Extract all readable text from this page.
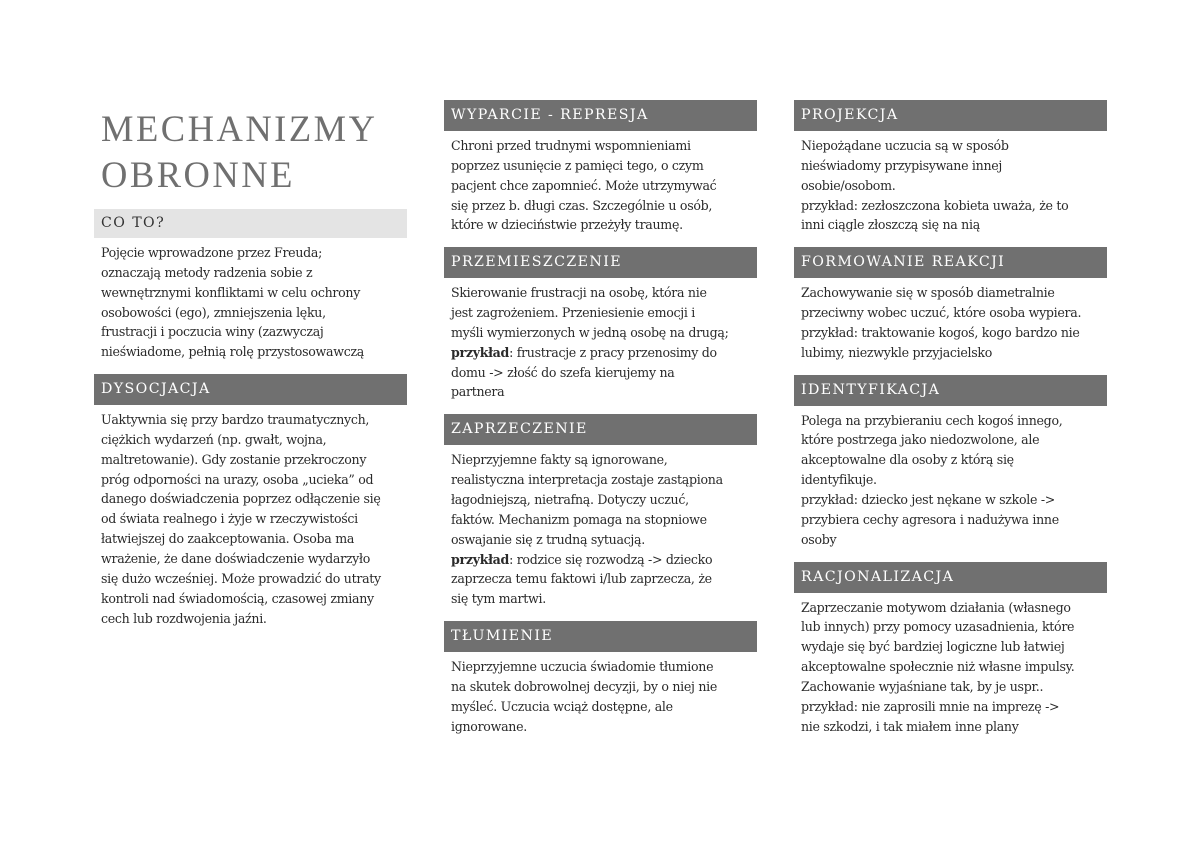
MECHANIZMY
OBRONNE
CO TO?

Pojęcie wprowadzone przez Freuda;
oznaczają metody radzenia sobie z
wewnętrznymi konfliktami w celu ochrony
osobowości (ego), zmniejszenia lęku,
frustracji i poczucia winy (zazwyczaj
nieświadome, pełnią rolę przystosowawczą

DYSOCJACJA

Uaktywnia się przy bardzo traumatycznych,
ciężkich wydarzeń (np. gwałt, wojna,
maltretowanie). Gdy zostanie przekroczony
próg odporności na urazy, osoba „ucieka” od
danego doświadczenia poprzez odłączenie się
od świata realnego i żyje w rzeczywistości
łatwiejszej do zaakceptowania. Osoba ma
wrażenie, że dane doświadczenie wydarzyło
się dużo wcześniej. Może prowadzić do utraty
kontroli nad świadomością, czasowej zmiany
cech lub rozdwojenia jaźni.

WYPARCIE - REPRESJA

Chroni przed trudnymi wspomnieniami
poprzez usunięcie z pamięci tego, o czym
pacjent chce zapomnieć. Może utrzymywać
się przez b. długi czas. Szczególnie u osób,
które w dzieciństwie przeżyły traumę.

PRZEMIESZCZENIE

Skierowanie frustracji na osobę, która nie
jest zagrożeniem. Przeniesienie emocji i
myśli wymierzonych w jedną osobę na drugą;
przykład: frustracje z pracy przenosimy do
domu -> złość do szefa kierujemy na
partnera

ZAPRZECZENIE

Nieprzyjemne fakty są ignorowane,
realistyczna interpretacja zostaje zastąpiona
łagodniejszą, nietrafną. Dotyczy uczuć,
faktów. Mechanizm pomaga na stopniowe
oswajanie się z trudną sytuacją.
przykład: rodzice się rozwodzą -> dziecko
zaprzecza temu faktowi i/lub zaprzecza, że
się tym martwi.

TŁUMIENIE

Nieprzyjemne uczucia świadomie tłumione
na skutek dobrowolnej decyzji, by o niej nie
myśleć. Uczucia wciąż dostępne, ale
ignorowane.

PROJEKCJA

Niepożądane uczucia są w sposób
nieświadomy przypisywane innej
osobie/osobom.
przykład: zezłoszczona kobieta uważa, że to
inni ciągle złoszczą się na nią

FORMOWANIE REAKCJI

Zachowywanie się w sposób diametralnie
przeciwny wobec uczuć, które osoba wypiera.
przykład: traktowanie kogoś, kogo bardzo nie
lubimy, niezwykle przyjacielsko

IDENTYFIKACJA

Polega na przybieraniu cech kogoś innego,
które postrzega jako niedozwolone, ale
akceptowalne dla osoby z którą się
identyfikuje.
przykład: dziecko jest nękane w szkole ->
przybiera cechy agresora i nadużywa inne
osoby

RACJONALIZACJA

Zaprzeczanie motywom działania (własnego
lub innych) przy pomocy uzasadnienia, które
wydaje się być bardziej logiczne lub łatwiej
akceptowalne społecznie niż własne impulsy.
Zachowanie wyjaśniane tak, by je uspr..
przykład: nie zaprosili mnie na imprezę ->
nie szkodzi, i tak miałem inne plany
